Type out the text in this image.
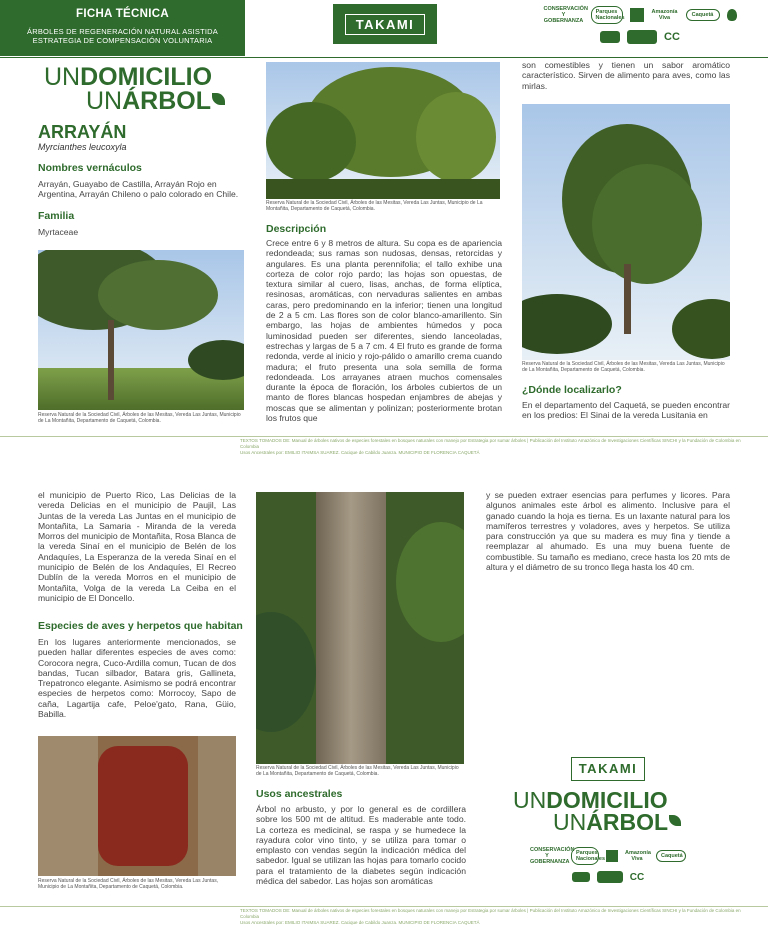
FICHA TÉCNICA
ÁRBOLES DE REGENERACIÓN NATURAL ASISTIDA
ESTRATEGIA DE COMPENSACIÓN VOLUNTARIA
TAKAMI
CONSERVACIÓN Y GOBERNANZA
Parques Nacionales
Amazonía Viva	Caquetá
CC
UNDOMICILIO
UNÁRBOL
ARRAYÁN
Myrcianthes leucoxyla
Nombres vernáculos
Arrayán, Guayabo de Castilla, Arrayán Rojo en Argentina, Arrayán Chileno o palo colorado en Chile.
Familia
Myrtaceae
Reserva Natural de la Sociedad Civil, Árboles de las Mesitas, Vereda Las Juntas, Municipio de La Montañita, Departamento de Caquetá, Colombia.
Reserva Natural de la Sociedad Civil, Árboles de las Mesitas, Vereda Las Juntas, Municipio de La Montañita, Departamento de Caquetá, Colombia.
Descripción
Crece entre 6 y 8 metros de altura. Su copa es de apariencia redondeada; sus ramas son nudosas, densas, retorcidas y angulares. Es una planta perennifolia; el tallo exhibe una corteza de color rojo pardo; las hojas son opuestas, de textura similar al cuero, lisas, anchas, de forma elíptica, resinosas, aromáticas, con nervaduras salientes en ambas caras, pero predominando en la inferior; tienen una longitud de 2 a 5 cm. Las flores son de color blanco-amarillento. Sin embargo, las hojas de ambientes húmedos y poca luminosidad pueden ser diferentes, siendo lanceoladas, estrechas y largas de 5 a 7 cm. 4 El fruto es grande de forma redonda, verde al inicio y rojo-pálido o amarillo crema cuando madura; el fruto presenta una sola semilla de forma redondeada. Los arrayanes atraen muchos comensales durante la época de floración, los árboles cubiertos de un manto de flores blancas hospedan enjambres de abejas y moscas que se alimentan y polinizan; posteriormente brotan los frutos que
son comestibles y tienen un sabor aromático característico. Sirven de alimento para aves, como las mirlas.
Reserva Natural de la Sociedad Civil, Árboles de las Mesitas, Vereda Las Juntas, Municipio de La Montañita, Departamento de Caquetá, Colombia.
¿Dónde localizarlo?
En el departamento del Caquetá, se pueden encontrar en los predios: El Sinai de la vereda Lusitania en
TEXTOS TOMADOS DE: Manual de árboles nativos de especies forestales en bosques naturales con manejo por Estrategia por sumar árboles | Publicación del Instituto Amazónico de Investigaciones Científicas SINCHI y la Fundación de Colombia en Colombia
Usos Ancestrales por: EMILIO ITAIMSA SUAREZ. Cacique de Cabildo Juanza. MUNICIPIO DE FLORENCIA CAQUETÁ
el municipio de Puerto Rico, Las Delicias de la vereda Delicias en el municipio de Paujil, Las Juntas de la vereda Las Juntas en el municipio de Montañita, La Samaria - Miranda de la vereda Morros del municipio de Montañita, Rosa Blanca de la vereda Sinaí en el municipio de Belén de los Andaquíes, La Esperanza de la vereda Sinaí en el municipio de Belén de los Andaquíes, El Recreo Dublín de la vereda Morros en el municipio de Montañita, Volga de la vereda La Ceiba en el municipio de El Doncello.
Especies de aves y herpetos que habitan
En los lugares anteriormente mencionados, se pueden hallar diferentes especies de aves como: Corocora negra, Cuco-Ardilla comun, Tucan de dos bandas, Tucan silbador, Batara gris, Gallineta, Trepatronco elegante. Asimismo se podrá encontrar especies de herpetos como: Morrocoy, Sapo de caña, Lagartija cafe, Peloe'gato, Rana, Güio, Babilla.
Reserva Natural de la Sociedad Civil, Árboles de las Mesitas, Vereda Las Juntas, Municipio de La Montañita, Departamento de Caquetá, Colombia.
Reserva Natural de la Sociedad Civil, Árboles de las Mesitas, Vereda Las Juntas, Municipio de La Montañita, Departamento de Caquetá, Colombia.
Usos ancestrales
Árbol no arbusto, y por lo general es de cordillera sobre los 500 mt de altitud. Es maderable ante todo. La corteza es medicinal, se raspa y se humedece la rayadura color vino tinto, y se utiliza para tomar o emplasto con vendas según la indicación médica del sabedor. Igual se utilizan las hojas para tomarlo cocido para el tratamiento de la diabetes según indicación médica del sabedor. Las hojas son aromáticas
y se pueden extraer esencias para perfumes y licores. Para algunos animales este árbol es alimento. Inclusive para el ganado cuando la hoja es tierna. Es un laxante natural para los mamíferos terrestres y voladores, aves y herpetos. Se utiliza para construcción ya que su madera es muy fina y tiende a reemplazar al ahumado. Es una muy buena fuente de combustible. Su tamaño es mediano, crece hasta los 20 mts de altura y el diámetro de su tronco llega hasta los 40 cm.
TAKAMI
UNDOMICILIO
UNÁRBOL
CONSERVACIÓN Y GOBERNANZA
Parques Nacionales
Amazonía Viva	Caquetá
CC
TEXTOS TOMADOS DE: Manual de árboles nativos de especies forestales en bosques naturales con manejo por Estrategia por sumar árboles | Publicación del Instituto Amazónico de Investigaciones Científicas SINCHI y la Fundación de Colombia en Colombia
Usos Ancestrales por: EMILIO ITAIMSA SUAREZ. Cacique de Cabildo Juanza. MUNICIPIO DE FLORENCIA CAQUETÁ
